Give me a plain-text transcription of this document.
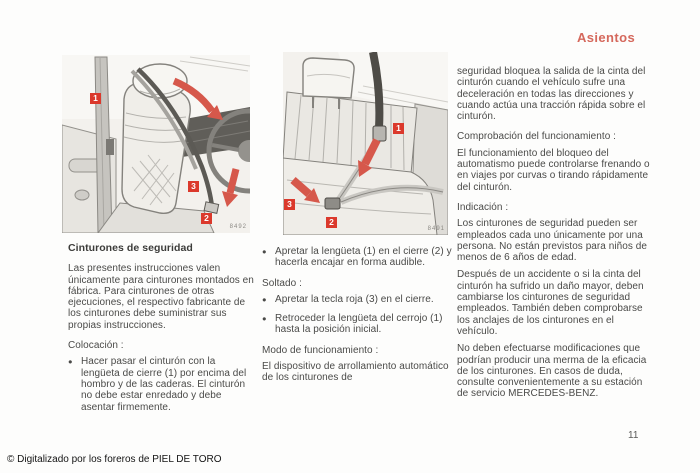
Asientos
1
3
2
8492
1
3
2
8491
Cinturones de seguridad

Las presentes instrucciones valen únicamente para cinturones montados en fábrica. Para cinturones de otras ejecuciones, el respectivo fabricante de los cinturones debe suministrar sus propias instrucciones.

Colocación :

● Hacer pasar el cinturón con la lengüeta de cierre (1) por encima del hombro y de las caderas. El cinturón no debe estar enredado y debe asentar firmemente.
● Apretar la lengüeta (1) en el cierre (2) y hacerla encajar en forma audible.

Soltado :

● Apretar la tecla roja (3) en el cierre.
● Retroceder la lengüeta del cerrojo (1) hasta la posición inicial.

Modo de funcionamiento :

El dispositivo de arrollamiento automático de los cinturones de

seguridad bloquea la salida de la cinta del cinturón cuando el vehículo sufre una deceleración en todas las direcciones y cuando actúa una tracción rápida sobre el cinturón.

Comprobación del funcionamiento :

El funcionamiento del bloqueo del automatismo puede controlarse frenando o en viajes por curvas o tirando rápidamente del cinturón.

Indicación :

Los cinturones de seguridad pueden ser empleados cada uno únicamente por una persona. No están previstos para niños de menos de 6 años de edad.

Después de un accidente o si la cinta del cinturón ha sufrido un daño mayor, deben cambiarse los cinturones de seguridad empleados. También deben comprobarse los anclajes de los cinturones en el vehículo.

No deben efectuarse modificaciones que podrían producir una merma de la eficacia de los cinturones. En casos de duda, consulte convenientemente a su estación de servicio MERCEDES-BENZ.

11
© Digitalizado por los foreros de PIEL DE TORO
